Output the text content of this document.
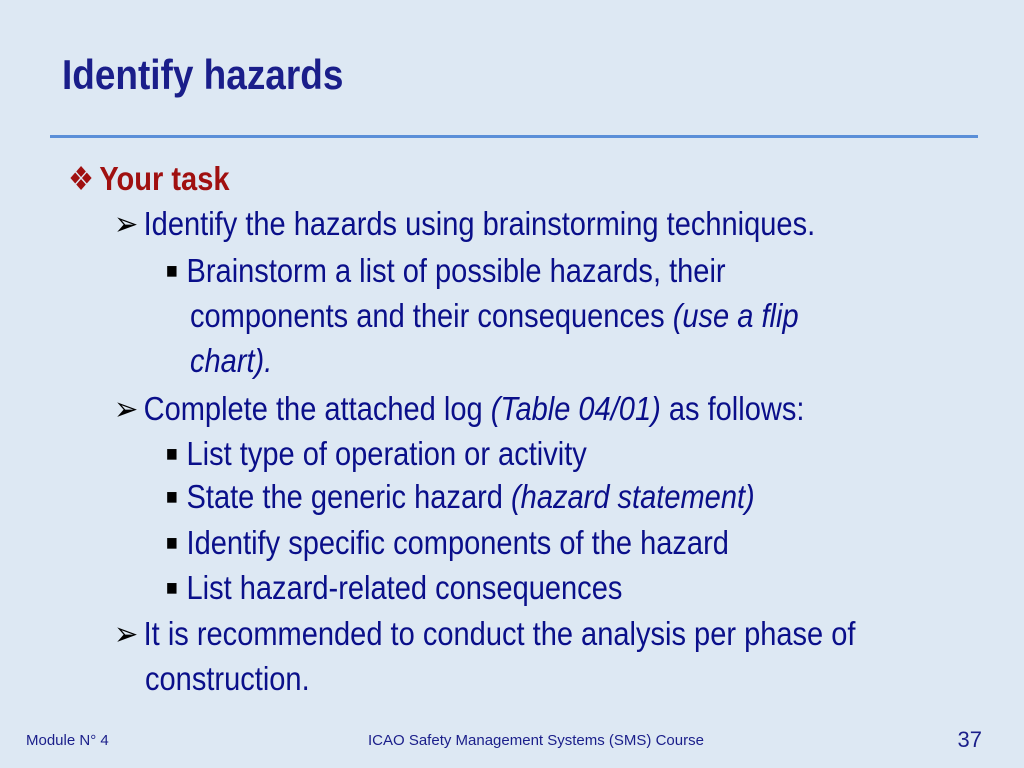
Identify hazards
❖ Your task
➢ Identify the hazards using brainstorming techniques.
■ Brainstorm a list of possible hazards, their
components and their consequences (use a flip
chart).
➢ Complete the attached log (Table 04/01) as follows:
■ List type of operation or activity
■ State the generic hazard (hazard statement)
■ Identify specific components of the hazard
■ List hazard-related consequences
➢ It is recommended to conduct the analysis per phase of
construction.
Module N° 4	ICAO Safety Management Systems (SMS) Course	37
